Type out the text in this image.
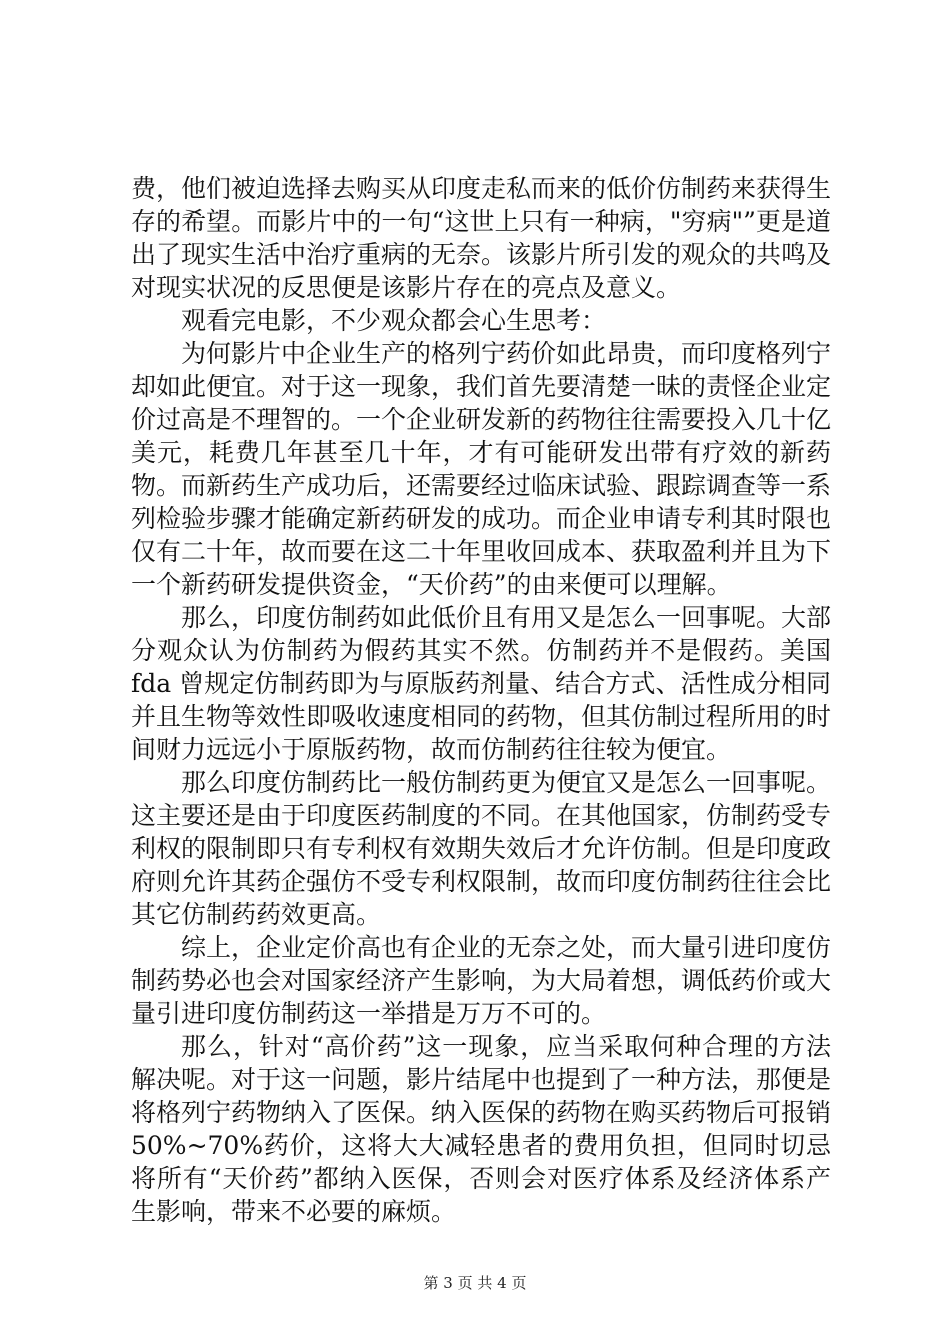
费，他们被迫选择去购买从印度走私而来的低价仿制药来获得生存的希望。而影片中的一句“这世上只有一种病，"穷病"”更是道出了现实生活中治疗重病的无奈。该影片所引发的观众的共鸣及对现实状况的反思便是该影片存在的亮点及意义。

观看完电影，不少观众都会心生思考：

为何影片中企业生产的格列宁药价如此昂贵，而印度格列宁却如此便宜。对于这一现象，我们首先要清楚一昧的责怪企业定价过高是不理智的。一个企业研发新的药物往往需要投入几十亿美元，耗费几年甚至几十年，才有可能研发出带有疗效的新药物。而新药生产成功后，还需要经过临床试验、跟踪调查等一系列检验步骤才能确定新药研发的成功。而企业申请专利其时限也仅有二十年，故而要在这二十年里收回成本、获取盈利并且为下一个新药研发提供资金，“天价药”的由来便可以理解。

那么，印度仿制药如此低价且有用又是怎么一回事呢。大部分观众认为仿制药为假药其实不然。仿制药并不是假药。美国 fda 曾规定仿制药即为与原版药剂量、结合方式、活性成分相同并且生物等效性即吸收速度相同的药物，但其仿制过程所用的时间财力远远小于原版药物，故而仿制药往往较为便宜。

那么印度仿制药比一般仿制药更为便宜又是怎么一回事呢。这主要还是由于印度医药制度的不同。在其他国家，仿制药受专利权的限制即只有专利权有效期失效后才允许仿制。但是印度政府则允许其药企强仿不受专利权限制，故而印度仿制药往往会比其它仿制药药效更高。

综上，企业定价高也有企业的无奈之处，而大量引进印度仿制药势必也会对国家经济产生影响，为大局着想，调低药价或大量引进印度仿制药这一举措是万万不可的。

那么，针对“高价药”这一现象，应当采取何种合理的方法解决呢。对于这一问题，影片结尾中也提到了一种方法，那便是将格列宁药物纳入了医保。纳入医保的药物在购买药物后可报销 50%~70%药价，这将大大减轻患者的费用负担，但同时切忌将所有“天价药”都纳入医保，否则会对医疗体系及经济体系产生影响，带来不必要的麻烦。

第 3 页 共 4 页
